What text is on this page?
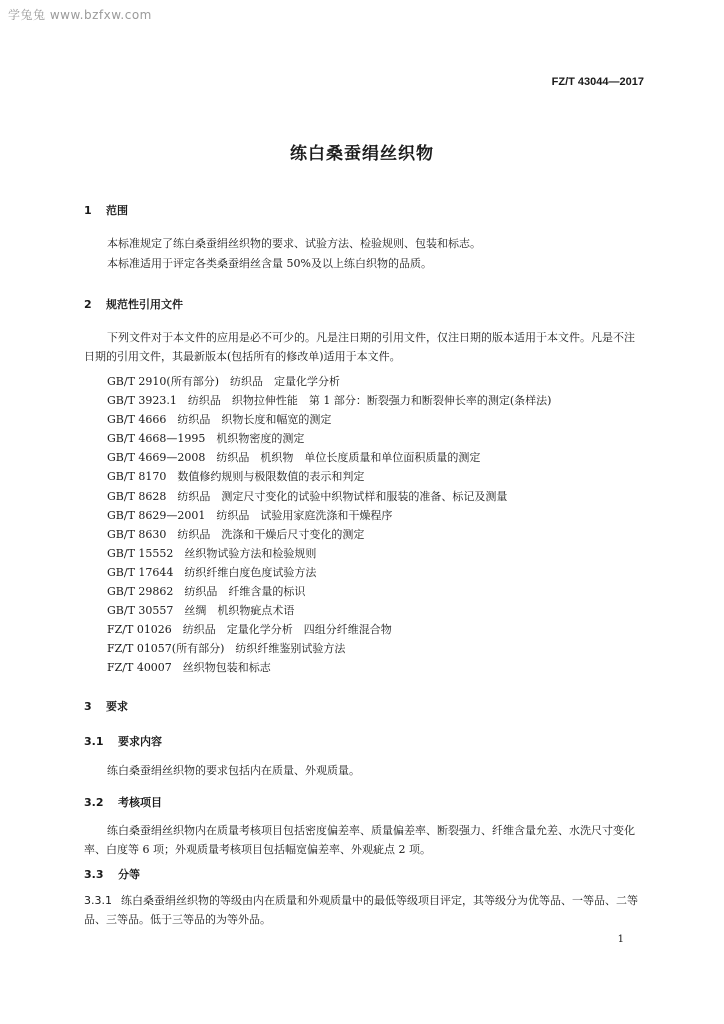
学兔兔 www.bzfxw.com
FZ/T 43044—2017
练白桑蚕绢丝织物
1 范围
本标准规定了练白桑蚕绢丝织物的要求、试验方法、检验规则、包装和标志。
本标准适用于评定各类桑蚕绢丝含量 50%及以上练白织物的品质。
2 规范性引用文件
下列文件对于本文件的应用是必不可少的。凡是注日期的引用文件，仅注日期的版本适用于本文件。凡是不注日期的引用文件，其最新版本(包括所有的修改单)适用于本文件。
GB/T 2910(所有部分)　纺织品　定量化学分析
GB/T 3923.1　纺织品　织物拉伸性能　第 1 部分：断裂强力和断裂伸长率的测定(条样法)
GB/T 4666　纺织品　织物长度和幅宽的测定
GB/T 4668—1995　机织物密度的测定
GB/T 4669—2008　纺织品　机织物　单位长度质量和单位面积质量的测定
GB/T 8170　数值修约规则与极限数值的表示和判定
GB/T 8628　纺织品　测定尺寸变化的试验中织物试样和服装的准备、标记及测量
GB/T 8629—2001　纺织品　试验用家庭洗涤和干燥程序
GB/T 8630　纺织品　洗涤和干燥后尺寸变化的测定
GB/T 15552　丝织物试验方法和检验规则
GB/T 17644　纺织纤维白度色度试验方法
GB/T 29862　纺织品　纤维含量的标识
GB/T 30557　丝绸　机织物疵点术语
FZ/T 01026　纺织品　定量化学分析　四组分纤维混合物
FZ/T 01057(所有部分)　纺织纤维鉴别试验方法
FZ/T 40007　丝织物包装和标志
3 要求
3.1 要求内容
练白桑蚕绢丝织物的要求包括内在质量、外观质量。
3.2 考核项目
练白桑蚕绢丝织物内在质量考核项目包括密度偏差率、质量偏差率、断裂强力、纤维含量允差、水洗尺寸变化率、白度等 6 项；外观质量考核项目包括幅宽偏差率、外观疵点 2 项。
3.3 分等
3.3.1 练白桑蚕绢丝织物的等级由内在质量和外观质量中的最低等级项目评定，其等级分为优等品、一等品、二等品、三等品。低于三等品的为等外品。
1
